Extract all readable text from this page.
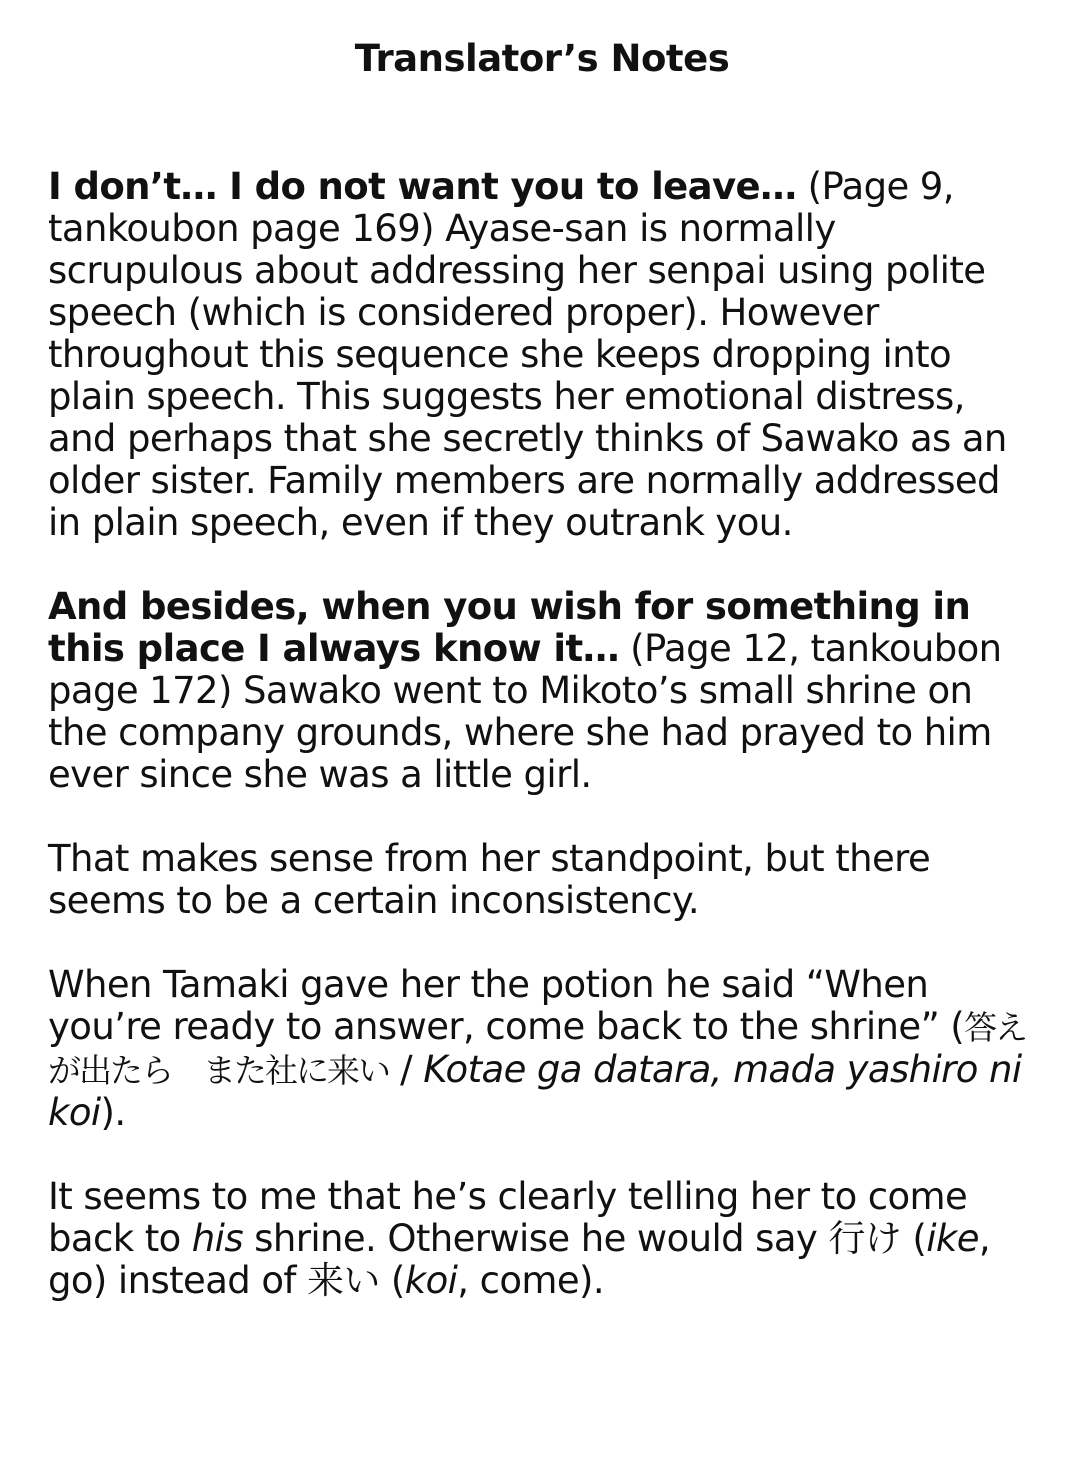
Translator’s Notes

I don’t… I do not want you to leave… (Page 9, tankoubon page 169) Ayase-san is normally scrupulous about addressing her senpai using polite speech (which is considered proper). However throughout this sequence she keeps dropping into plain speech. This suggests her emotional distress, and perhaps that she secretly thinks of Sawako as an older sister. Family members are normally addressed in plain speech, even if they outrank you.

And besides, when you wish for something in this place I always know it… (Page 12, tankoubon page 172) Sawako went to Mikoto’s small shrine on the company grounds, where she had prayed to him ever since she was a little girl.

That makes sense from her standpoint, but there seems to be a certain inconsistency.

When Tamaki gave her the potion he said “When you’re ready to answer, come back to the shrine” (答えが出たら　また社に来い / Kotae ga datara, mada yashiro ni koi).

It seems to me that he’s clearly telling her to come back to his shrine. Otherwise he would say 行け (ike, go) instead of 来い (koi, come).
